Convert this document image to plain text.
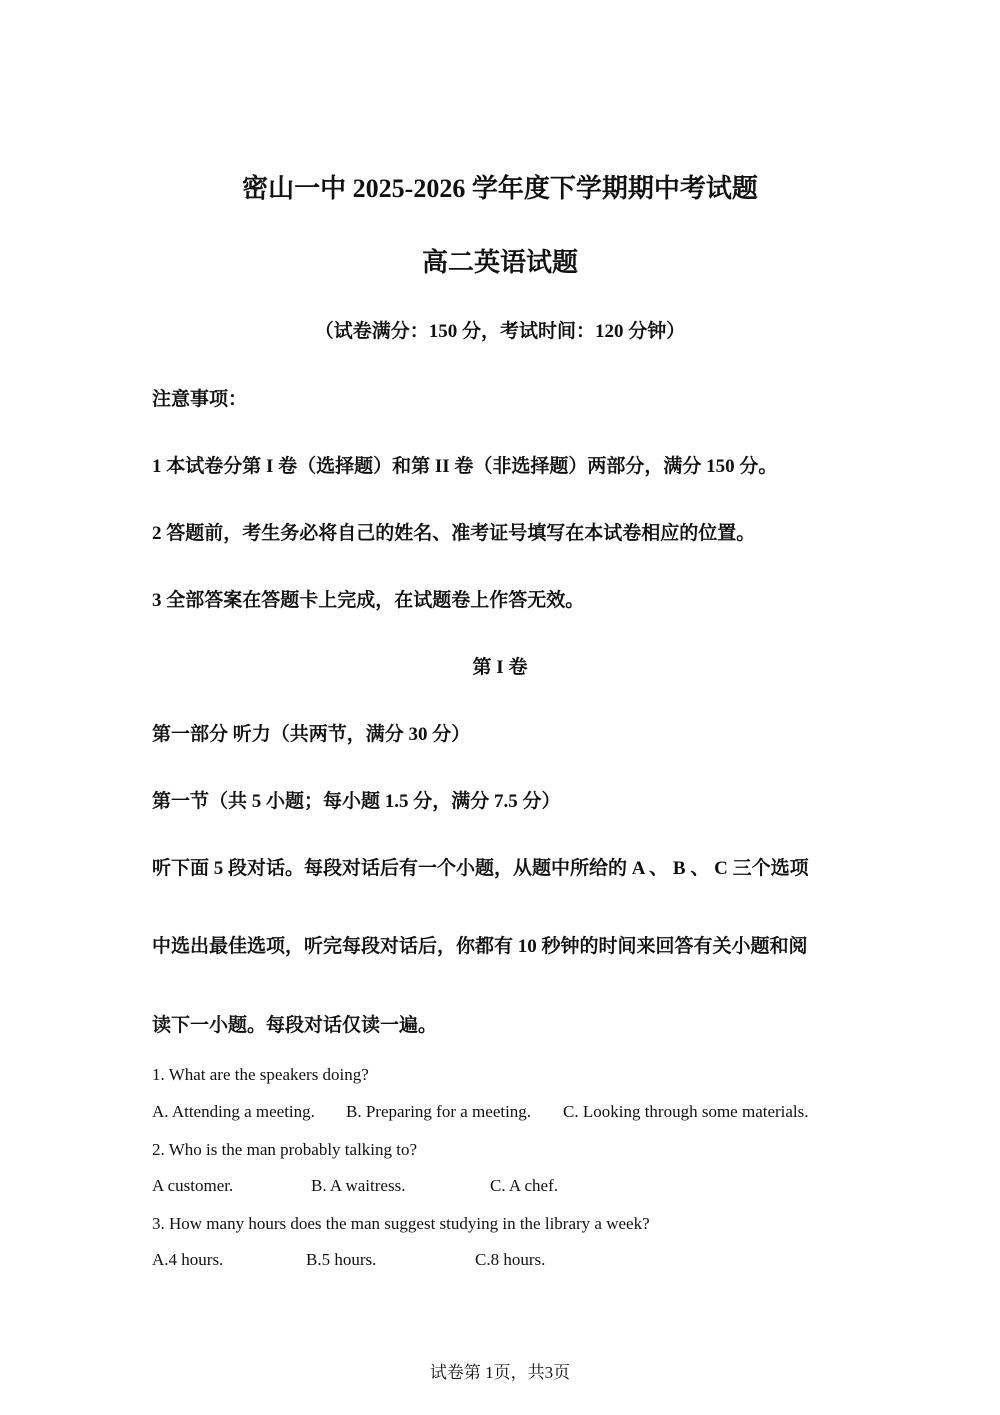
密山一中 2025-2026 学年度下学期期中考试题
高二英语试题
（试卷满分：150 分，考试时间：120 分钟）
注意事项：
1 本试卷分第 I 卷（选择题）和第 II 卷（非选择题）两部分，满分 150 分。
2 答题前，考生务必将自己的姓名、准考证号填写在本试卷相应的位置。
3 全部答案在答题卡上完成，在试题卷上作答无效。
第 I 卷
第一部分 听力（共两节，满分 30 分）
第一节（共 5 小题；每小题 1.5 分，满分 7.5 分）
听下面 5 段对话。每段对话后有一个小题，从题中所给的 A 、 B 、 C 三个选项
中选出最佳选项，听完每段对话后，你都有 10 秒钟的时间来回答有关小题和阅
读下一小题。每段对话仅读一遍。
1. What are the speakers doing?
A. Attending a meeting. B. Preparing for a meeting. C. Looking through some materials.
2. Who is the man probably talking to?
A customer.	B. A waitress.	C. A chef.
3. How many hours does the man suggest studying in the library a week?
A.4 hours.	B.5 hours.	C.8 hours.
试卷第 1页，共3页
